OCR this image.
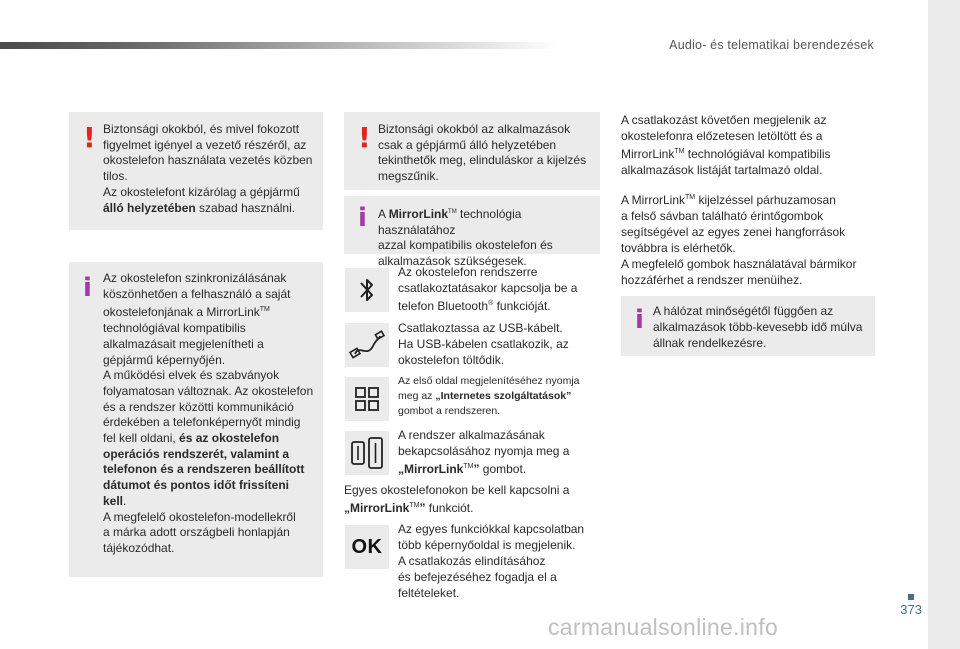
Audio- és telematikai berendezések
373
carmanualsonline.info
! Biztonsági okokból, és mivel fokozott
figyelmet igényel a vezető részéről, az
okostelefon használata vezetés közben
tilos.
Az okostelefont kizárólag a gépjármű
álló helyzetében szabad használni.
i Az okostelefon szinkronizálásának
köszönhetően a felhasználó a saját
okostelefonjának a MirrorLink™
technológiával kompatibilis
alkalmazásait megjelenítheti a
gépjármű képernyőjén.
A működési elvek és szabványok
folyamatosan változnak. Az okostelefon
és a rendszer közötti kommunikáció
érdekében a telefonképernyőt mindig
fel kell oldani, és az okostelefon
operációs rendszerét, valamint a
telefonon és a rendszeren beállított
dátumot és pontos időt frissíteni
kell.
A megfelelő okostelefon-modellekről
a márka adott országbeli honlapján
tájékozódhat.
! Biztonsági okokból az alkalmazások
csak a gépjármű álló helyzetében
tekinthetők meg, elinduláskor a kijelzés
megszűnik.
i A MirrorLink™ technológia használatához
azzal kompatibilis okostelefon és
alkalmazások szükségesek.
Az okostelefon rendszerre
csatlakoztatásakor kapcsolja be a
telefon Bluetooth® funkcióját.
Csatlakoztassa az USB-kábelt.
Ha USB-kábelen csatlakozik, az
okostelefon töltődik.
Az első oldal megjelenítéséhez nyomja
meg az „Internetes szolgáltatások”
gombot a rendszeren.
A rendszer alkalmazásának
bekapcsolásához nyomja meg a
„MirrorLink™” gombot.
Egyes okostelefonokon be kell kapcsolni a
„MirrorLink™” funkciót.
OK
Az egyes funkciókkal kapcsolatban
több képernyőoldal is megjelenik.
A csatlakozás elindításához
és befejezéséhez fogadja el a
feltételeket.
A csatlakozást követően megjelenik az
okostelefonra előzetesen letöltött és a
MirrorLink™ technológiával kompatibilis
alkalmazások listáját tartalmazó oldal.
A MirrorLink™ kijelzéssel párhuzamosan
a felső sávban található érintőgombok
segítségével az egyes zenei hangforrások
továbbra is elérhetők.
A megfelelő gombok használatával bármikor
hozzáférhet a rendszer menüihez.
i A hálózat minőségétől függően az
alkalmazások több-kevesebb idő múlva
állnak rendelkezésre.
